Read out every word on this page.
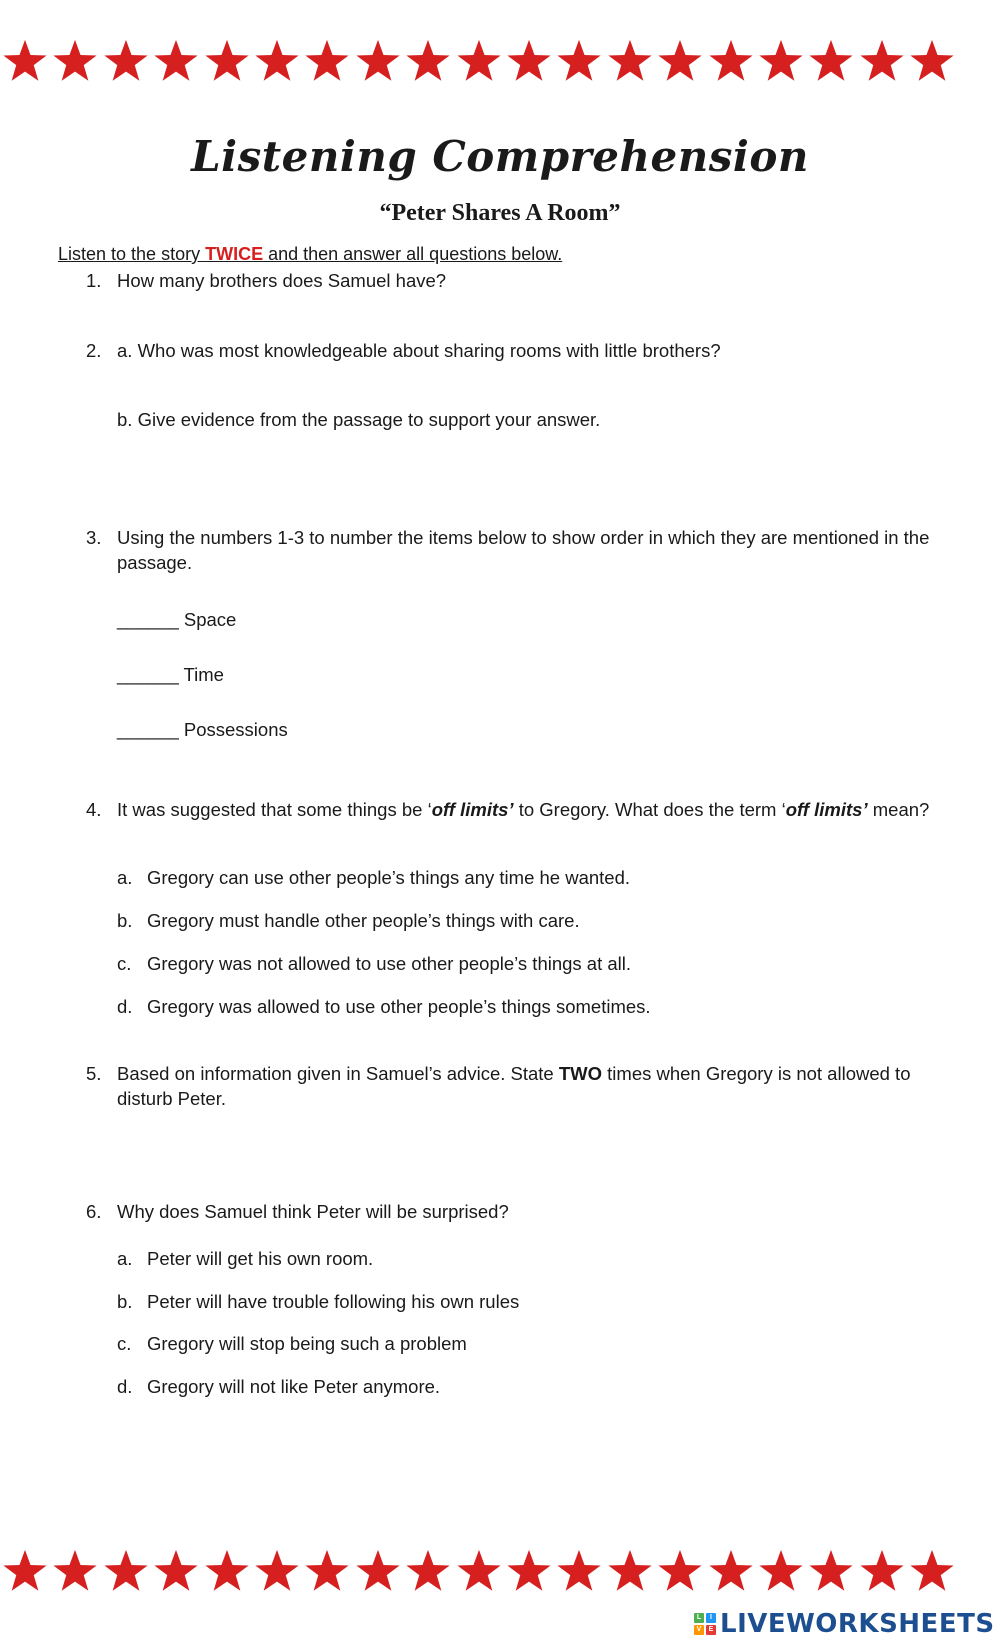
Listening Comprehension
“Peter Shares A Room”
Listen to the story TWICE and then answer all questions below.
1. How many brothers does Samuel have?
2. a. Who was most knowledgeable about sharing rooms with little brothers?
b. Give evidence from the passage to support your answer.
3. Using the numbers 1-3 to number the items below to show order in which they are mentioned in the passage.
______ Space
______ Time
______ Possessions
4. It was suggested that some things be ‘off limits’ to Gregory. What does the term ‘off limits’ mean?
a. Gregory can use other people’s things any time he wanted.
b. Gregory must handle other people’s things with care.
c. Gregory was not allowed to use other people’s things at all.
d. Gregory was allowed to use other people’s things sometimes.
5. Based on information given in Samuel’s advice. State TWO times when Gregory is not allowed to disturb Peter.
6. Why does Samuel think Peter will be surprised?
a. Peter will get his own room.
b. Peter will have trouble following his own rules
c. Gregory will stop being such a problem
d. Gregory will not like Peter anymore.
L	I
V	E LIVEWORKSHEETS
